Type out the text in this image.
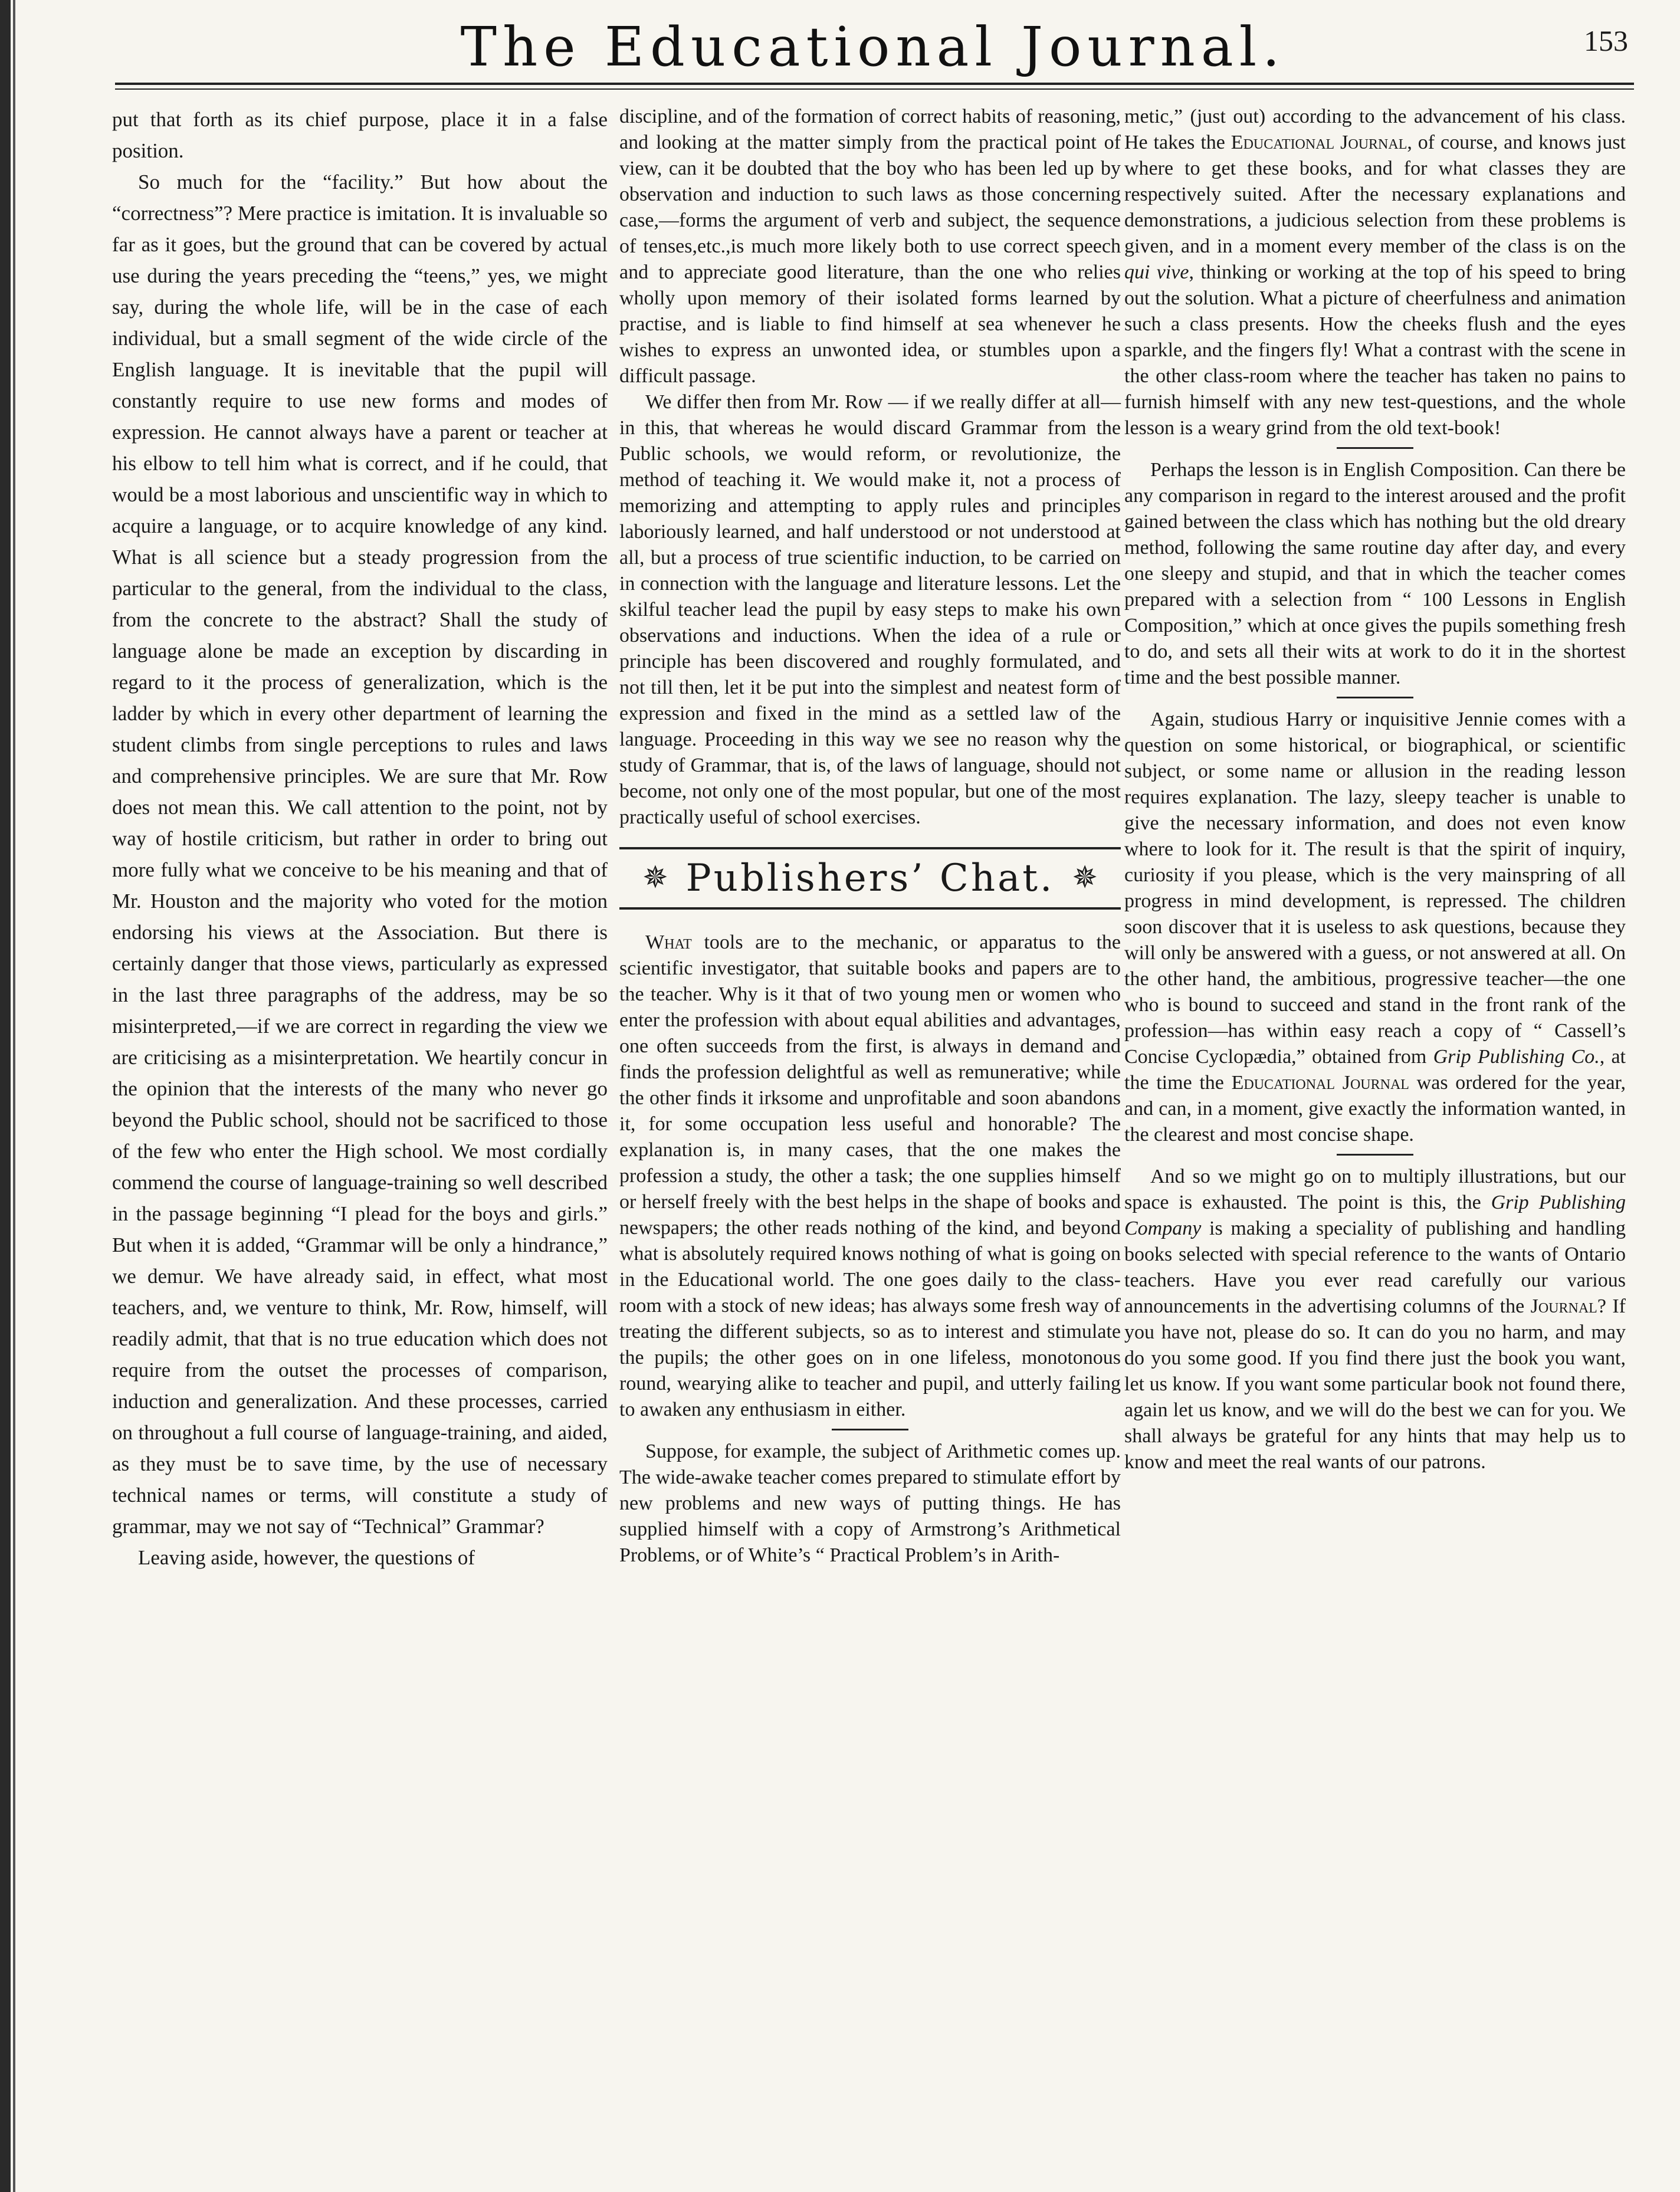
The Educational Journal.	153

put that forth as its chief purpose, place it in a false position.

So much for the “facility.” But how about the “correctness”? Mere practice is imitation. It is invaluable so far as it goes, but the ground that can be covered by actual use during the years preceding the “teens,” yes, we might say, during the whole life, will be in the case of each individual, but a small segment of the wide circle of the English language. It is inevitable that the pupil will constantly require to use new forms and modes of expression. He cannot always have a parent or teacher at his elbow to tell him what is correct, and if he could, that would be a most laborious and unscientific way in which to acquire a language, or to acquire knowledge of any kind. What is all science but a steady progression from the particular to the general, from the individual to the class, from the concrete to the abstract? Shall the study of language alone be made an exception by discarding in regard to it the process of generalization, which is the ladder by which in every other department of learning the student climbs from single perceptions to rules and laws and comprehensive principles. We are sure that Mr. Row does not mean this. We call attention to the point, not by way of hostile criticism, but rather in order to bring out more fully what we conceive to be his meaning and that of Mr. Houston and the majority who voted for the motion endorsing his views at the Association. But there is certainly danger that those views, particularly as expressed in the last three paragraphs of the address, may be so misinterpreted,—if we are correct in regarding the view we are criticising as a misinterpretation. We heartily concur in the opinion that the interests of the many who never go beyond the Public school, should not be sacrificed to those of the few who enter the High school. We most cordially commend the course of language-training so well described in the passage beginning “I plead for the boys and girls.” But when it is added, “Grammar will be only a hindrance,” we demur. We have already said, in effect, what most teachers, and, we venture to think, Mr. Row, himself, will readily admit, that that is no true education which does not require from the outset the processes of comparison, induction and generalization. And these processes, carried on throughout a full course of language-training, and aided, as they must be to save time, by the use of necessary technical names or terms, will constitute a study of grammar, may we not say of “Technical” Grammar?

Leaving aside, however, the questions of

discipline, and of the formation of correct habits of reasoning, and looking at the matter simply from the practical point of view, can it be doubted that the boy who has been led up by observation and induction to such laws as those concerning case,—forms the argument of verb and subject, the sequence of tenses,etc.,is much more likely both to use correct speech and to appreciate good literature, than the one who relies wholly upon memory of their isolated forms learned by practise, and is liable to find himself at sea whenever he wishes to express an unwonted idea, or stumbles upon a difficult passage.

We differ then from Mr. Row — if we really differ at all—in this, that whereas he would discard Grammar from the Public schools, we would reform, or revolutionize, the method of teaching it. We would make it, not a process of memorizing and attempting to apply rules and principles laboriously learned, and half understood or not understood at all, but a process of true scientific induction, to be carried on in connection with the language and literature lessons. Let the skilful teacher lead the pupil by easy steps to make his own observations and inductions. When the idea of a rule or principle has been discovered and roughly formulated, and not till then, let it be put into the simplest and neatest form of expression and fixed in the mind as a settled law of the language. Proceeding in this way we see no reason why the study of Grammar, that is, of the laws of language, should not become, not only one of the most popular, but one of the most practically useful of school exercises.

✵ Publishers’ Chat. ✵

What tools are to the mechanic, or apparatus to the scientific investigator, that suitable books and papers are to the teacher. Why is it that of two young men or women who enter the profession with about equal abilities and advantages, one often succeeds from the first, is always in demand and finds the profession delightful as well as remunerative; while the other finds it irksome and unprofitable and soon abandons it, for some occupation less useful and honorable? The explanation is, in many cases, that the one makes the profession a study, the other a task; the one supplies himself or herself freely with the best helps in the shape of books and newspapers; the other reads nothing of the kind, and beyond what is absolutely required knows nothing of what is going on in the Educational world. The one goes daily to the class-room with a stock of new ideas; has always some fresh way of treating the different subjects, so as to interest and stimulate the pupils; the other goes on in one lifeless, monotonous round, wearying alike to teacher and pupil, and utterly failing to awaken any enthusiasm in either.

Suppose, for example, the subject of Arithmetic comes up. The wide-awake teacher comes prepared to stimulate effort by new problems and new ways of putting things. He has supplied himself with a copy of Armstrong’s Arithmetical Problems, or of White’s “ Practical Problem’s in Arith-

metic,” (just out) according to the advancement of his class. He takes the Educational Journal, of course, and knows just where to get these books, and for what classes they are respectively suited. After the necessary explanations and demonstrations, a judicious selection from these problems is given, and in a moment every member of the class is on the qui vive, thinking or working at the top of his speed to bring out the solution. What a picture of cheerfulness and animation such a class presents. How the cheeks flush and the eyes sparkle, and the fingers fly! What a contrast with the scene in the other class-room where the teacher has taken no pains to furnish himself with any new test-questions, and the whole lesson is a weary grind from the old text-book!

Perhaps the lesson is in English Composition. Can there be any comparison in regard to the interest aroused and the profit gained between the class which has nothing but the old dreary method, following the same routine day after day, and every one sleepy and stupid, and that in which the teacher comes prepared with a selection from “ 100 Lessons in English Composition,” which at once gives the pupils something fresh to do, and sets all their wits at work to do it in the shortest time and the best possible manner.

Again, studious Harry or inquisitive Jennie comes with a question on some historical, or biographical, or scientific subject, or some name or allusion in the reading lesson requires explanation. The lazy, sleepy teacher is unable to give the necessary information, and does not even know where to look for it. The result is that the spirit of inquiry, curiosity if you please, which is the very mainspring of all progress in mind development, is repressed. The children soon discover that it is useless to ask questions, because they will only be answered with a guess, or not answered at all. On the other hand, the ambitious, progressive teacher—the one who is bound to succeed and stand in the front rank of the profession—has within easy reach a copy of “ Cassell’s Concise Cyclopædia,” obtained from Grip Publishing Co., at the time the Educational Journal was ordered for the year, and can, in a moment, give exactly the information wanted, in the clearest and most concise shape.

And so we might go on to multiply illustrations, but our space is exhausted. The point is this, the Grip Publishing Company is making a speciality of publishing and handling books selected with special reference to the wants of Ontario teachers. Have you ever read carefully our various announcements in the advertising columns of the Journal? If you have not, please do so. It can do you no harm, and may do you some good. If you find there just the book you want, let us know. If you want some particular book not found there, again let us know, and we will do the best we can for you. We shall always be grateful for any hints that may help us to know and meet the real wants of our patrons.
